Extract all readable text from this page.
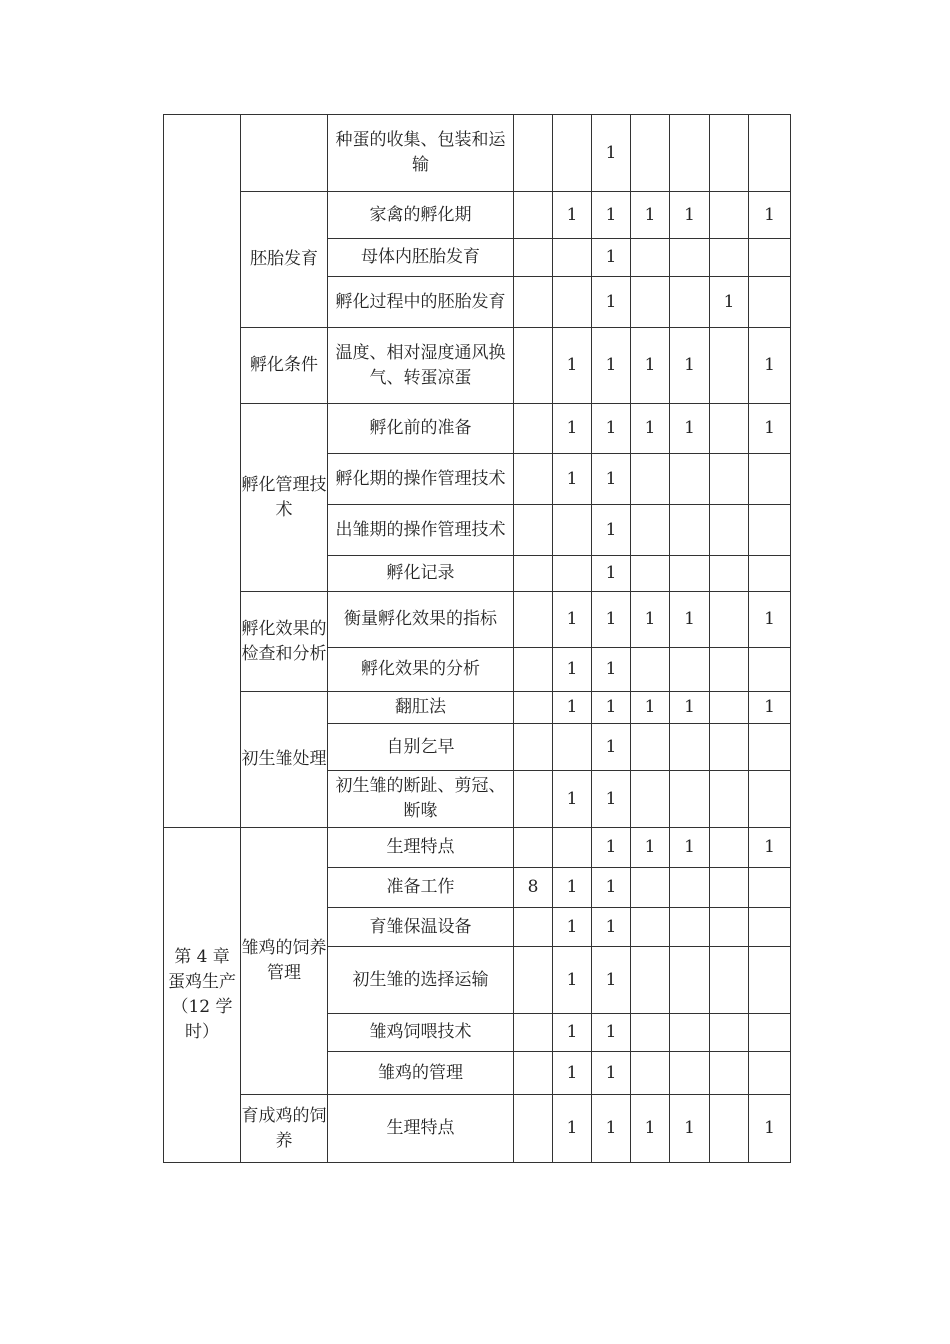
		种蛋的收集、包装和运输			1				
	胚胎发育	家禽的孵化期		1	1	1	1		1
		母体内胚胎发育			1				
		孵化过程中的胚胎发育			1			1	
	孵化条件	温度、相对湿度通风换气、转蛋凉蛋		1	1	1	1		1
	孵化管理技术	孵化前的准备		1	1	1	1		1
		孵化期的操作管理技术		1	1				
		出雏期的操作管理技术			1				
		孵化记录			1				
	孵化效果的检查和分析	衡量孵化效果的指标		1	1	1	1		1
		孵化效果的分析		1	1				
	初生雏处理	翻肛法		1	1	1	1		1
		自别乞早			1				
		初生雏的断趾、剪冠、断喙		1	1				
第 4 章 蛋鸡生产（12 学时）	雏鸡的饲养管理	生理特点			1	1	1		1
		准备工作	8	1	1				
		育雏保温设备		1	1				
		初生雏的选择运输		1	1				
		雏鸡饲喂技术		1	1				
		雏鸡的管理		1	1				
	育成鸡的饲养	生理特点		1	1	1	1		1
